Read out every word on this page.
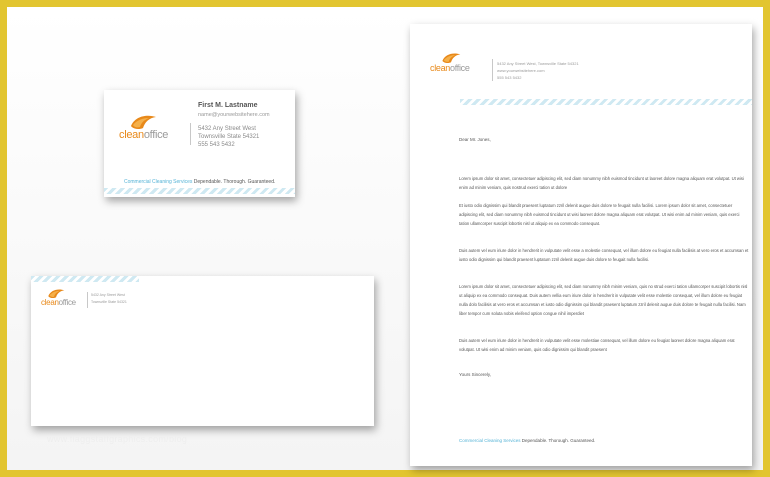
cleanoffice
First M. Lastname
name@yourwebsitehere.com
5432 Any Street West
Townsville State 54321
555 543 5432
Commercial Cleaning Services Dependable. Thorough. Guaranteed.
cleanoffice
5432 Any Street West
Townsville State 54321
cleanoffice	5432 Any Street West, Townsville State 54321
www.yourwebsitehere.com
555 543 5432
Dear Mr. Jones,
Lorem ipsum dolor sit amet, consectetuer adipiscing elit, sed diam nonummy nibh euismod tincidunt ut laoreet dolore magna aliquam erat volutpat. Ut wisi enim ad minim veniam, quis nostrud exerci tation ut dolore
Et iusto odio dignissim qui blandit praesent luptatum zzril delenit augue duis dolore te feugait nulla facilisi. Lorem ipsum dolor sit amet, consectetuer adipiscing elit, sed diam nonummy nibh euismod tincidunt ut wisi laoreet dolore magna aliquam erat volutpat. Ut wisi enim ad minim veniam, quis exerci tation ullamcorper suscipit lobortis nisl ut aliquip ex ea commodo consequat.
Duis autem vel eum iriure dolor in hendrerit in vulputate velit esse a molestie consequat, vel illum dolore eu feugiat nulla facilisis at vero eros et accumsan et iusto odio dignissim qui blandit praesent luptatum zzril delenit augue duis dolore te feugait nulla facilisi.
Lorem ipsum dolor sit amet, consectetuer adipiscing elit, sed diam nonummy nibh minim veniam, quis no strud exerci tation ullamcorper suscipit lobortis nisl ut aliquip ex ea commodo consequat. Duis autem vellia eum iriure dolor in hendrerit in vulputate velit esse molestie consequat, vel illum dolore eu feugiat nulla dolo facilisis at vero eros et accumsan et iusto odio dignissim qui blandit praesent luptatum zzril delenit augue duis dolore te feugait nulla facilisi. Nam liber tempor cum soluta nobis eleifend option congue nihil imperdiet
Duis autem vel eum iriure dolor in hendrerit in vulputate velit esse molestiae consequat, vel illum dolore eu feugiat laoreet dolore magna aliquam erat volutpat. Ut wisi enim ad minim veniam, quis odio dignissim qui blandit praesent
Yours Sincerely,
Commercial Cleaning Services Dependable. Thorough. Guaranteed.
www.flaggstaffgraphics.com/blog
